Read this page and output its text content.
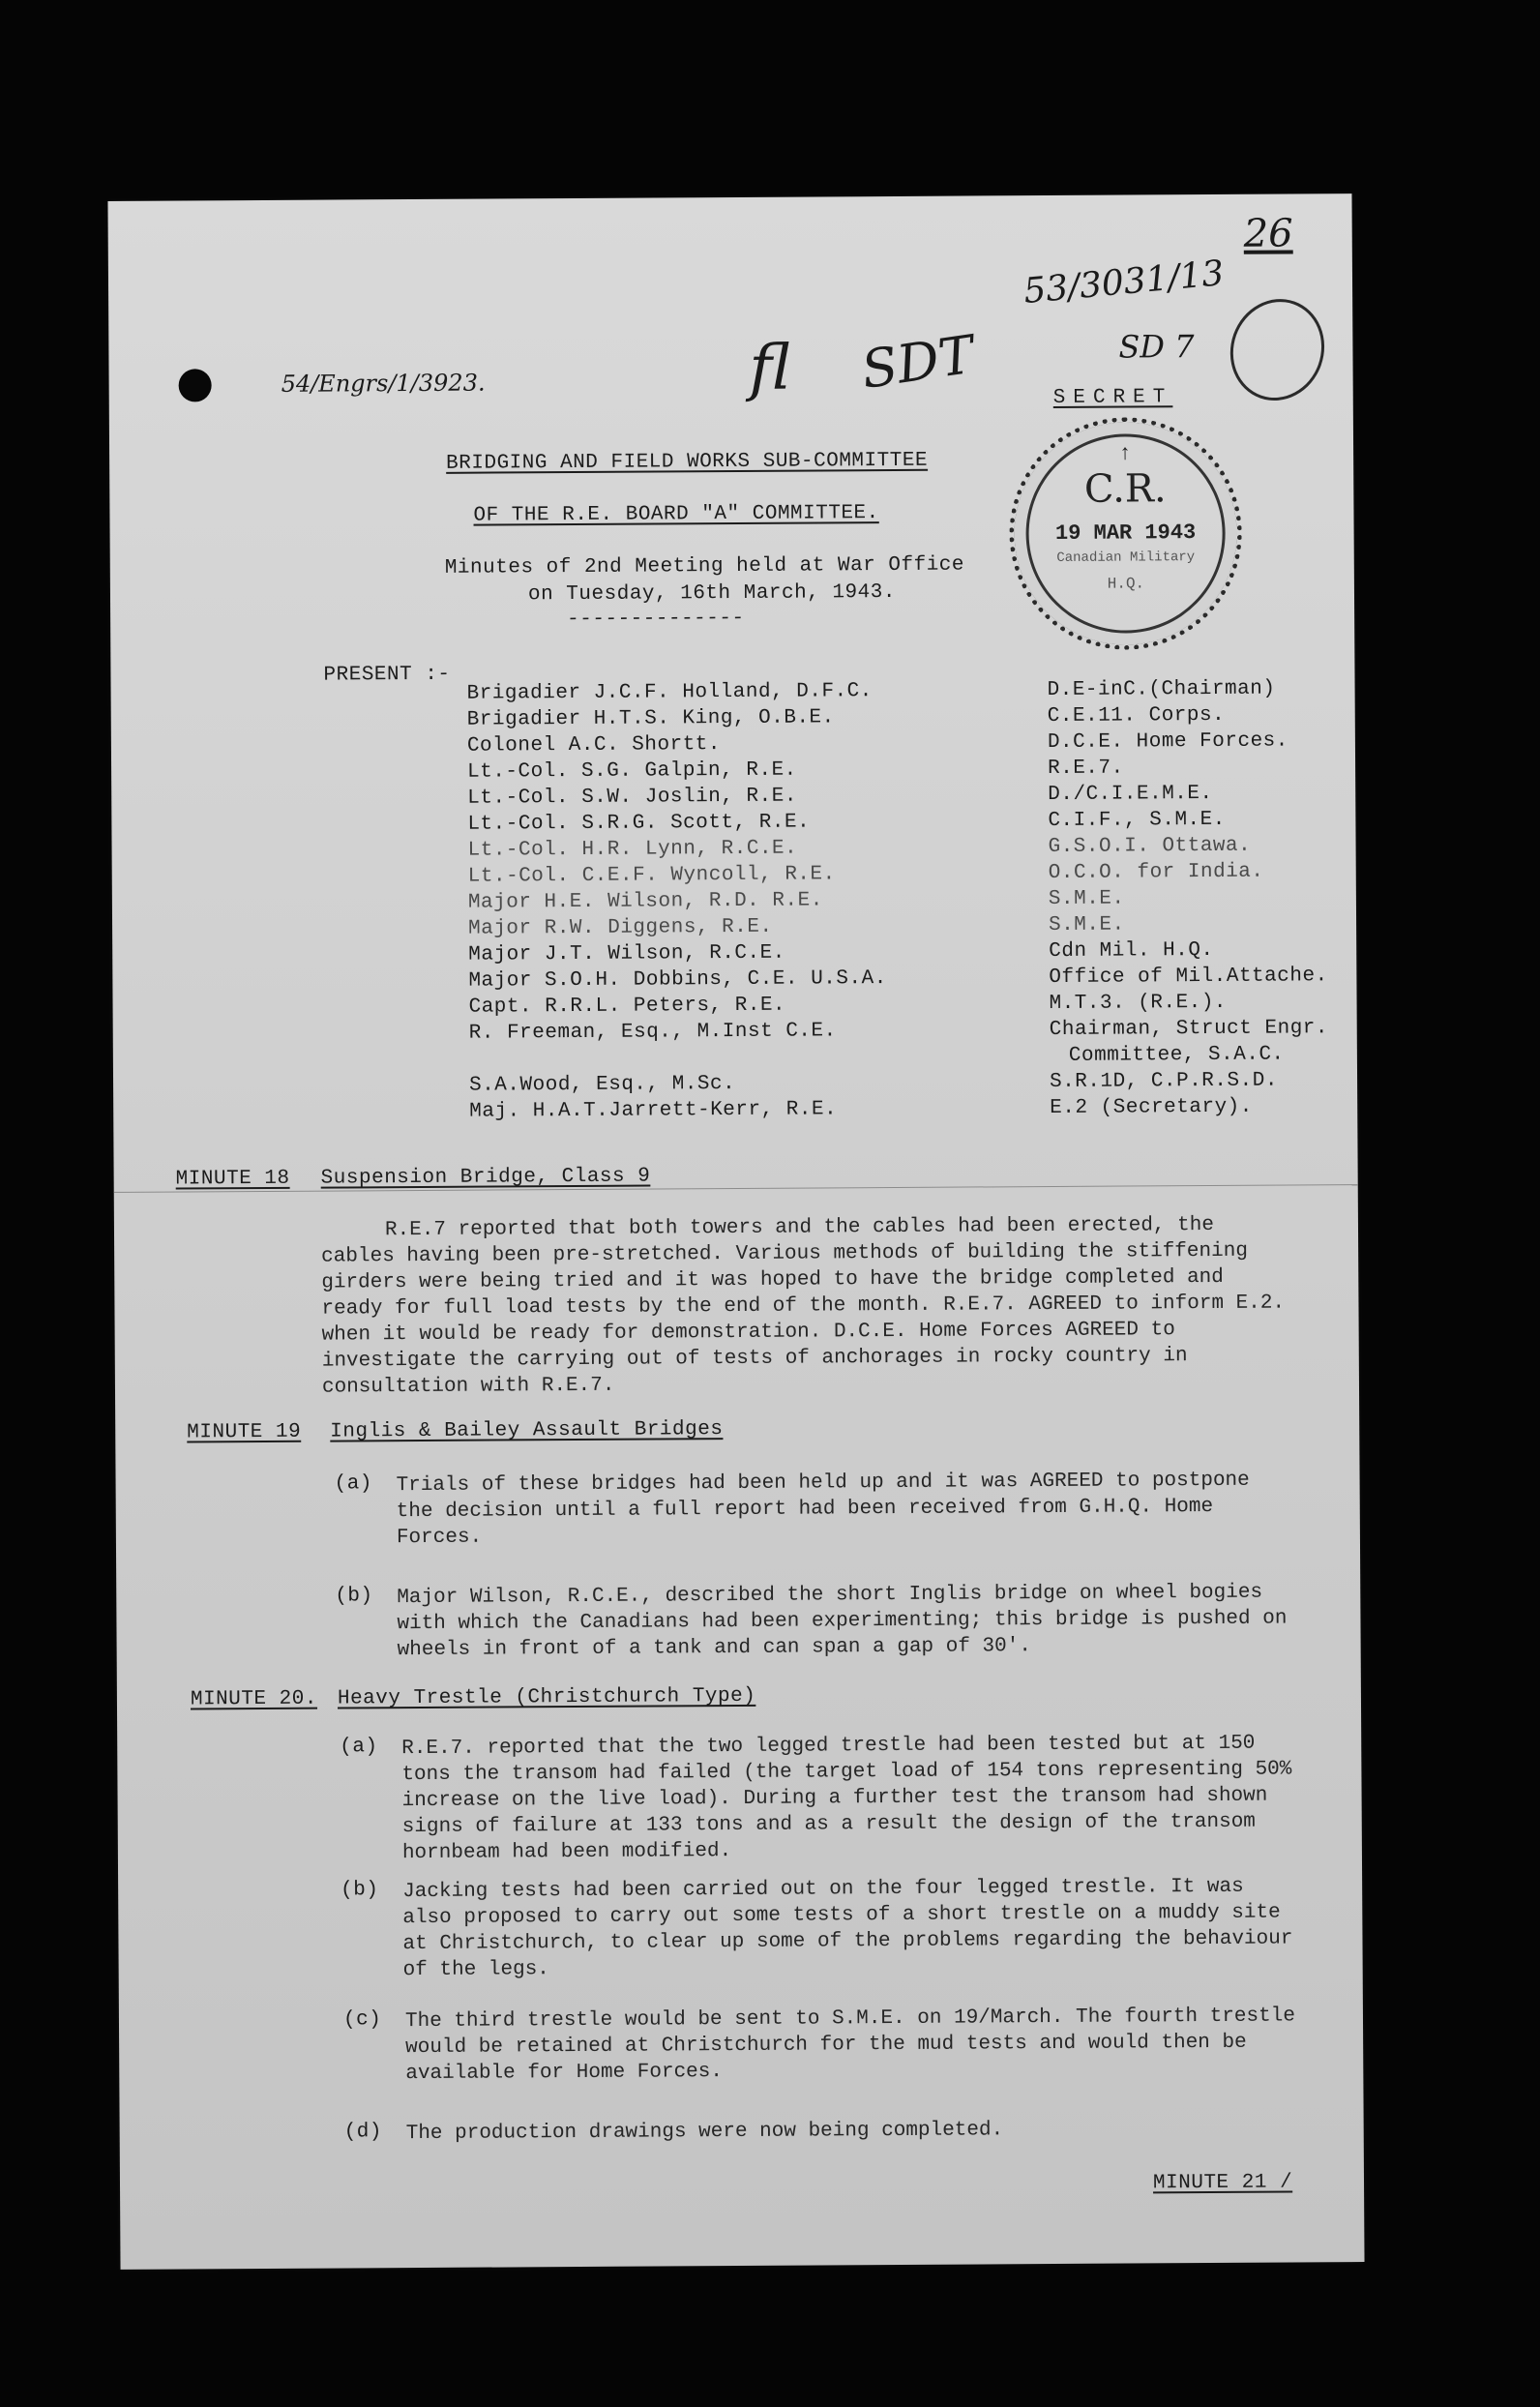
54/Engrs/1/3923.	fl SDT
53/3031/13
SD 7
26
SECRET
↑
C.R.
19 MAR 1943
Canadian Military
H.Q.
BRIDGING AND FIELD WORKS SUB-COMMITTEE
OF THE R.E. BOARD "A" COMMITTEE.
Minutes of 2nd Meeting held at War Office
on Tuesday, 16th March, 1943.
--------------
PRESENT :-
Brigadier J.C.F. Holland, D.F.C.	D.E-inC.(Chairman)
Brigadier H.T.S. King, O.B.E.	C.E.11. Corps.
Colonel A.C. Shortt.	D.C.E. Home Forces.
Lt.-Col. S.G. Galpin, R.E.	R.E.7.
Lt.-Col. S.W. Joslin, R.E.	D./C.I.E.M.E.
Lt.-Col. S.R.G. Scott, R.E.	C.I.F., S.M.E.
Lt.-Col. H.R. Lynn, R.C.E.	G.S.O.I. Ottawa.
Lt.-Col. C.E.F. Wyncoll, R.E.	O.C.O. for India.
Major H.E. Wilson, R.D. R.E.	S.M.E.
Major R.W. Diggens, R.E.	S.M.E.
Major J.T. Wilson, R.C.E.	Cdn Mil. H.Q.
Major S.O.H. Dobbins, C.E. U.S.A.	Office of Mil.Attache.
Capt. R.R.L. Peters, R.E.	M.T.3. (R.E.).
R. Freeman, Esq., M.Inst C.E.	Chairman, Struct Engr.
Committee, S.A.C.
S.A.Wood, Esq., M.Sc.	S.R.1D, C.P.R.S.D.
Maj. H.A.T.Jarrett-Kerr, R.E.	E.2 (Secretary).
MINUTE 18 Suspension Bridge, Class 9
R.E.7 reported that both towers and the cables had been erected, the cables having been pre-stretched. Various methods of building the stiffening girders were being tried and it was hoped to have the bridge completed and ready for full load tests by the end of the month. R.E.7. AGREED to inform E.2. when it would be ready for demonstration. D.C.E. Home Forces AGREED to investigate the carrying out of tests of anchorages in rocky country in consultation with R.E.7.
MINUTE 19 Inglis & Bailey Assault Bridges
(a) Trials of these bridges had been held up and it was AGREED to postpone the decision until a full report had been received from G.H.Q. Home Forces.
(b) Major Wilson, R.C.E., described the short Inglis bridge on wheel bogies with which the Canadians had been experimenting; this bridge is pushed on wheels in front of a tank and can span a gap of 30'.
MINUTE 20. Heavy Trestle (Christchurch Type)
(a) R.E.7. reported that the two legged trestle had been tested but at 150 tons the transom had failed (the target load of 154 tons representing 50% increase on the live load). During a further test the transom had shown signs of failure at 133 tons and as a result the design of the transom hornbeam had been modified.
(b) Jacking tests had been carried out on the four legged trestle. It was also proposed to carry out some tests of a short trestle on a muddy site at Christchurch, to clear up some of the problems regarding the behaviour of the legs.
(c) The third trestle would be sent to S.M.E. on 19/March. The fourth trestle would be retained at Christchurch for the mud tests and would then be available for Home Forces.
(d) The production drawings were now being completed.
MINUTE 21 /
